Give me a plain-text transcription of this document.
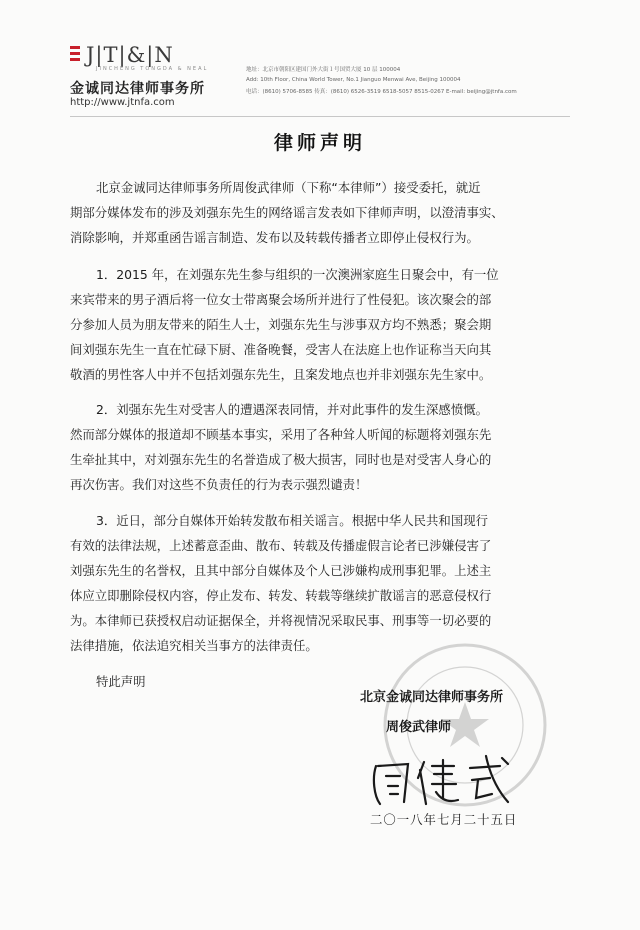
J|T|&|N
JINCHENG TONGDA & NEAL
金诚同达律师事务所
http://www.jtnfa.com
地址：北京市朝阳区建国门外大街１号国贸大厦 10 层 100004
Add: 10th Floor, China World Tower, No.1 Jianguo Menwai Ave, Beijing 100004
电话：(8610) 5706-8585 传真：(8610) 6526-3519 6518-5057 8515-0267 E-mail: beijing@jtnfa.com
律师声明
北京金诚同达律师事务所周俊武律师（下称“本律师”）接受委托，就近
期部分媒体发布的涉及刘强东先生的网络谣言发表如下律师声明，以澄清事实、
消除影响，并郑重函告谣言制造、发布以及转载传播者立即停止侵权行为。
1．2015 年，在刘强东先生参与组织的一次澳洲家庭生日聚会中，有一位
来宾带来的男子酒后将一位女士带离聚会场所并进行了性侵犯。该次聚会的部
分参加人员为朋友带来的陌生人士，刘强东先生与涉事双方均不熟悉；聚会期
间刘强东先生一直在忙碌下厨、准备晚餐，受害人在法庭上也作证称当天向其
敬酒的男性客人中并不包括刘强东先生，且案发地点也并非刘强东先生家中。
2．刘强东先生对受害人的遭遇深表同情，并对此事件的发生深感愤慨。
然而部分媒体的报道却不顾基本事实，采用了各种耸人听闻的标题将刘强东先
生牵扯其中，对刘强东先生的名誉造成了极大损害，同时也是对受害人身心的
再次伤害。我们对这些不负责任的行为表示强烈谴责！
3．近日，部分自媒体开始转发散布相关谣言。根据中华人民共和国现行
有效的法律法规，上述蓄意歪曲、散布、转载及传播虚假言论者已涉嫌侵害了
刘强东先生的名誉权，且其中部分自媒体及个人已涉嫌构成刑事犯罪。上述主
体应立即删除侵权内容，停止发布、转发、转载等继续扩散谣言的恶意侵权行
为。本律师已获授权启动证据保全，并将视情况采取民事、刑事等一切必要的
法律措施，依法追究相关当事方的法律责任。
特此声明
北京金诚同达律师事务所
周俊武律师
二〇一八年七月二十五日
